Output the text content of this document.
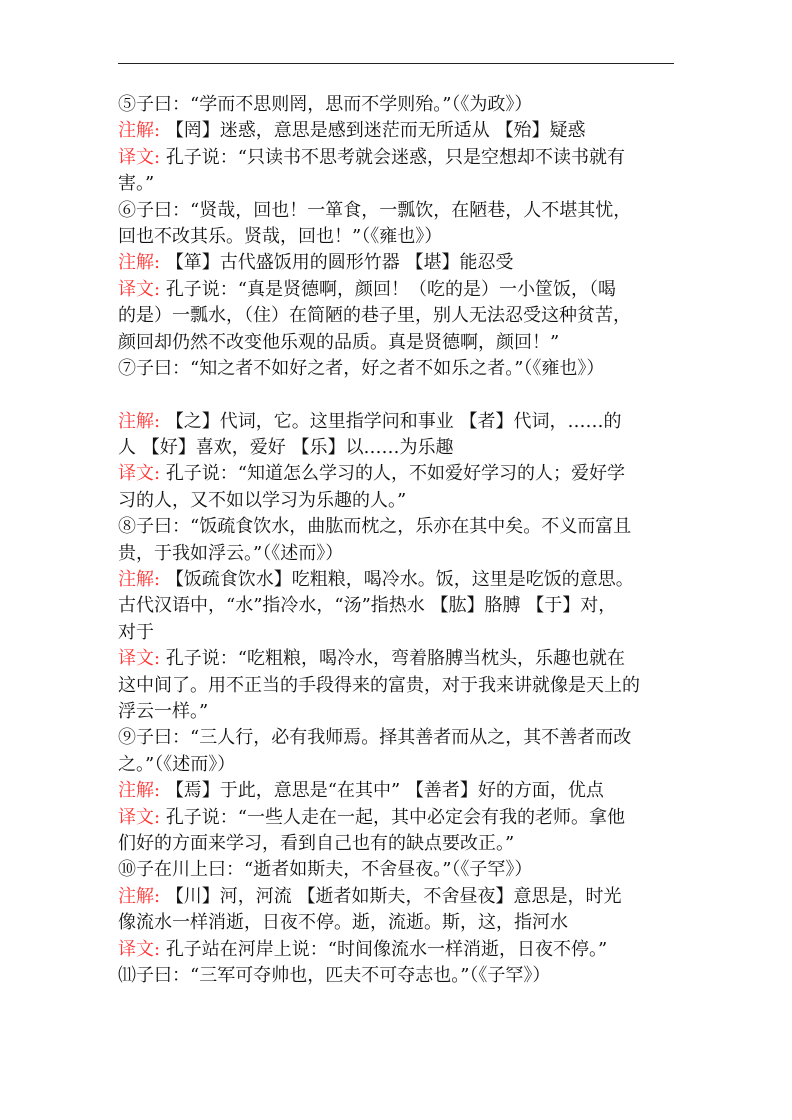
⑤子曰：“学而不思则罔，思而不学则殆。”（《为政》）
注解: 【罔】迷惑，意思是感到迷茫而无所适从 【殆】疑惑
译文: 孔子说：“只读书不思考就会迷惑，只是空想却不读书就有
害。”
⑥子曰：“贤哉，回也！一箪食，一瓢饮，在陋巷，人不堪其忧，
回也不改其乐。贤哉，回也！”（《雍也》）
注解: 【箪】古代盛饭用的圆形竹器 【堪】能忍受
译文: 孔子说：“真是贤德啊，颜回！（吃的是）一小筐饭，（喝
的是）一瓢水，（住）在简陋的巷子里，别人无法忍受这种贫苦，
颜回却仍然不改变他乐观的品质。真是贤德啊，颜回！”
⑦子曰：“知之者不如好之者，好之者不如乐之者。”（《雍也》）
注解: 【之】代词，它。这里指学问和事业 【者】代词，……的
人 【好】喜欢，爱好 【乐】以……为乐趣
译文: 孔子说：“知道怎么学习的人，不如爱好学习的人；爱好学
习的人，又不如以学习为乐趣的人。”
⑧子曰：“饭疏食饮水，曲肱而枕之，乐亦在其中矣。不义而富且
贵，于我如浮云。”（《述而》）
注解: 【饭疏食饮水】吃粗粮，喝冷水。饭，这里是吃饭的意思。
古代汉语中，“水”指冷水，“汤”指热水 【肱】胳膊 【于】对，
对于
译文: 孔子说：“吃粗粮，喝冷水，弯着胳膊当枕头，乐趣也就在
这中间了。用不正当的手段得来的富贵，对于我来讲就像是天上的
浮云一样。”
⑨子曰：“三人行，必有我师焉。择其善者而从之，其不善者而改
之。”（《述而》）
注解: 【焉】于此，意思是“在其中” 【善者】好的方面，优点
译文: 孔子说：“一些人走在一起，其中必定会有我的老师。拿他
们好的方面来学习，看到自己也有的缺点要改正。”
⑩子在川上曰：“逝者如斯夫，不舍昼夜。”（《子罕》）
注解: 【川】河，河流 【逝者如斯夫，不舍昼夜】意思是，时光
像流水一样消逝，日夜不停。逝，流逝。斯，这，指河水
译文: 孔子站在河岸上说：“时间像流水一样消逝，日夜不停。”
⑾子曰：“三军可夺帅也，匹夫不可夺志也。”（《子罕》）
